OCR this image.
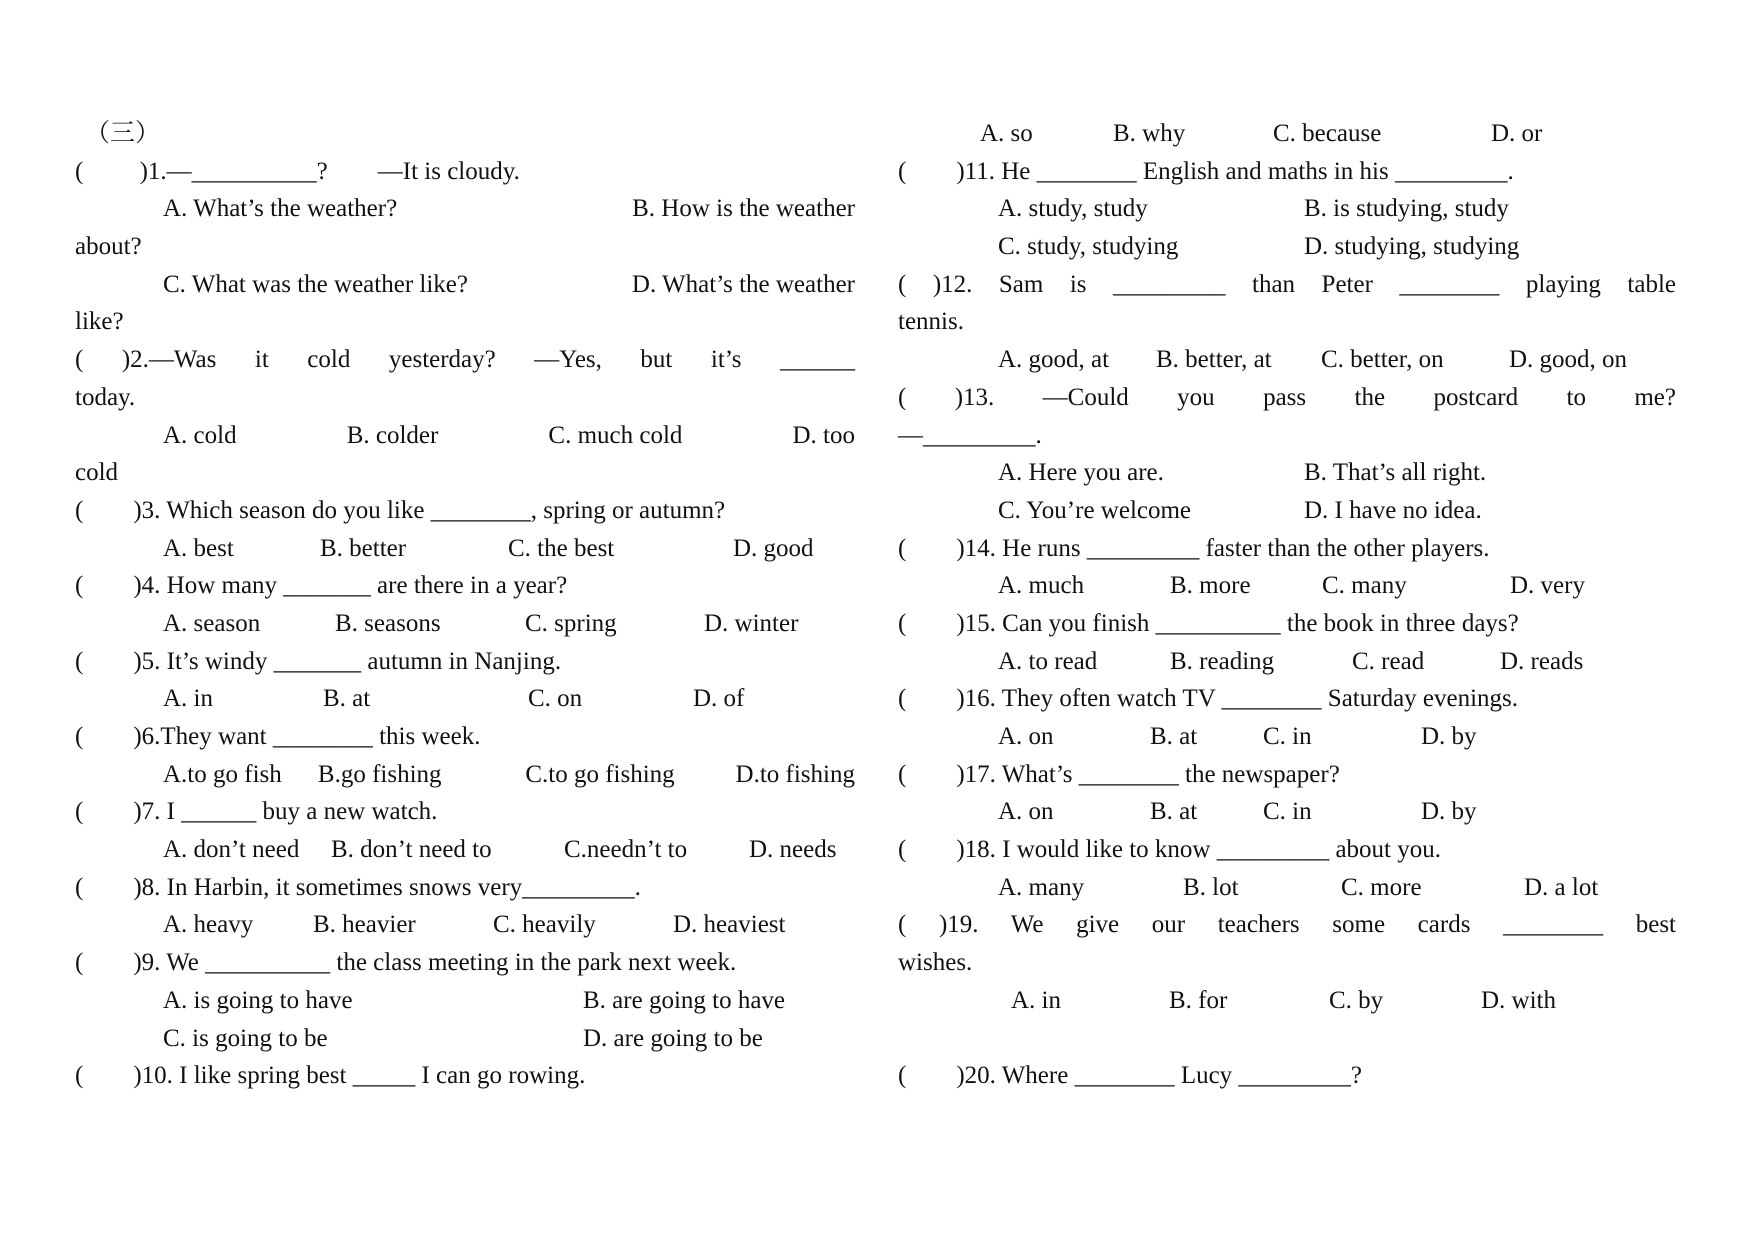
（三）
(         )1.—__________?        —It is cloudy.
A. What’s the weather?	B. How is the weather
about?
C. What was the weather like?	D. What’s the weather
like?
( )2.—Was it cold yesterday? —Yes, but it’s ______
today.
A. cold	B. colder	C. much cold	D. too
cold
(        )3. Which season do you like ________, spring or autumn?
A. best	B. better	C. the best	D. good
(        )4. How many _______ are there in a year?
A. season	B. seasons	C. spring	D. winter
(        )5. It’s windy _______ autumn in Nanjing.
A. in	B. at	C. on	D. of
(        )6.They want ________ this week.
A.to go fish	B.go fishing	C.to go fishing	D.to fishing
(        )7. I ______ buy a new watch.
A. don’t need	B. don’t need to	C.needn’t to	D. needs
(        )8. In Harbin, it sometimes snows very_________.
A. heavy	B. heavier	C. heavily	D. heaviest
(        )9. We __________ the class meeting in the park next week.
A. is going to have	B. are going to have
C. is going to be	D. are going to be
(        )10. I like spring best _____ I can go rowing.
A. so	B. why	C. because	D. or
(        )11. He ________ English and maths in his _________.
A. study, study	B. is studying, study
C. study, studying	D. studying, studying
( )12. Sam is _________ than Peter ________ playing table
tennis.
A. good, at	B. better, at	C. better, on	D. good, on
( )13. —Could you pass the postcard to me?
—_________.
A. Here you are.	B. That’s all right.
C. You’re welcome	D. I have no idea.
(        )14. He runs _________ faster than the other players.
A. much	B. more	C. many	D. very
(        )15. Can you finish __________ the book in three days?
A. to read	B. reading	C. read	D. reads
(        )16. They often watch TV ________ Saturday evenings.
A. on	B. at	C. in	D. by
(        )17. What’s ________ the newspaper?
A. on	B. at	C. in	D. by
(        )18. I would like to know _________ about you.
A. many	B. lot	C. more	D. a lot
( )19. We give our teachers some cards ________ best
wishes.
A. in	B. for	C. by	D. with
(        )20. Where ________ Lucy _________?
